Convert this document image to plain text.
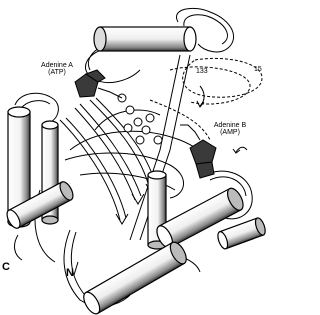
Adenine A
(ATP)
Adenine B
(AMP)
133	15
C	N
